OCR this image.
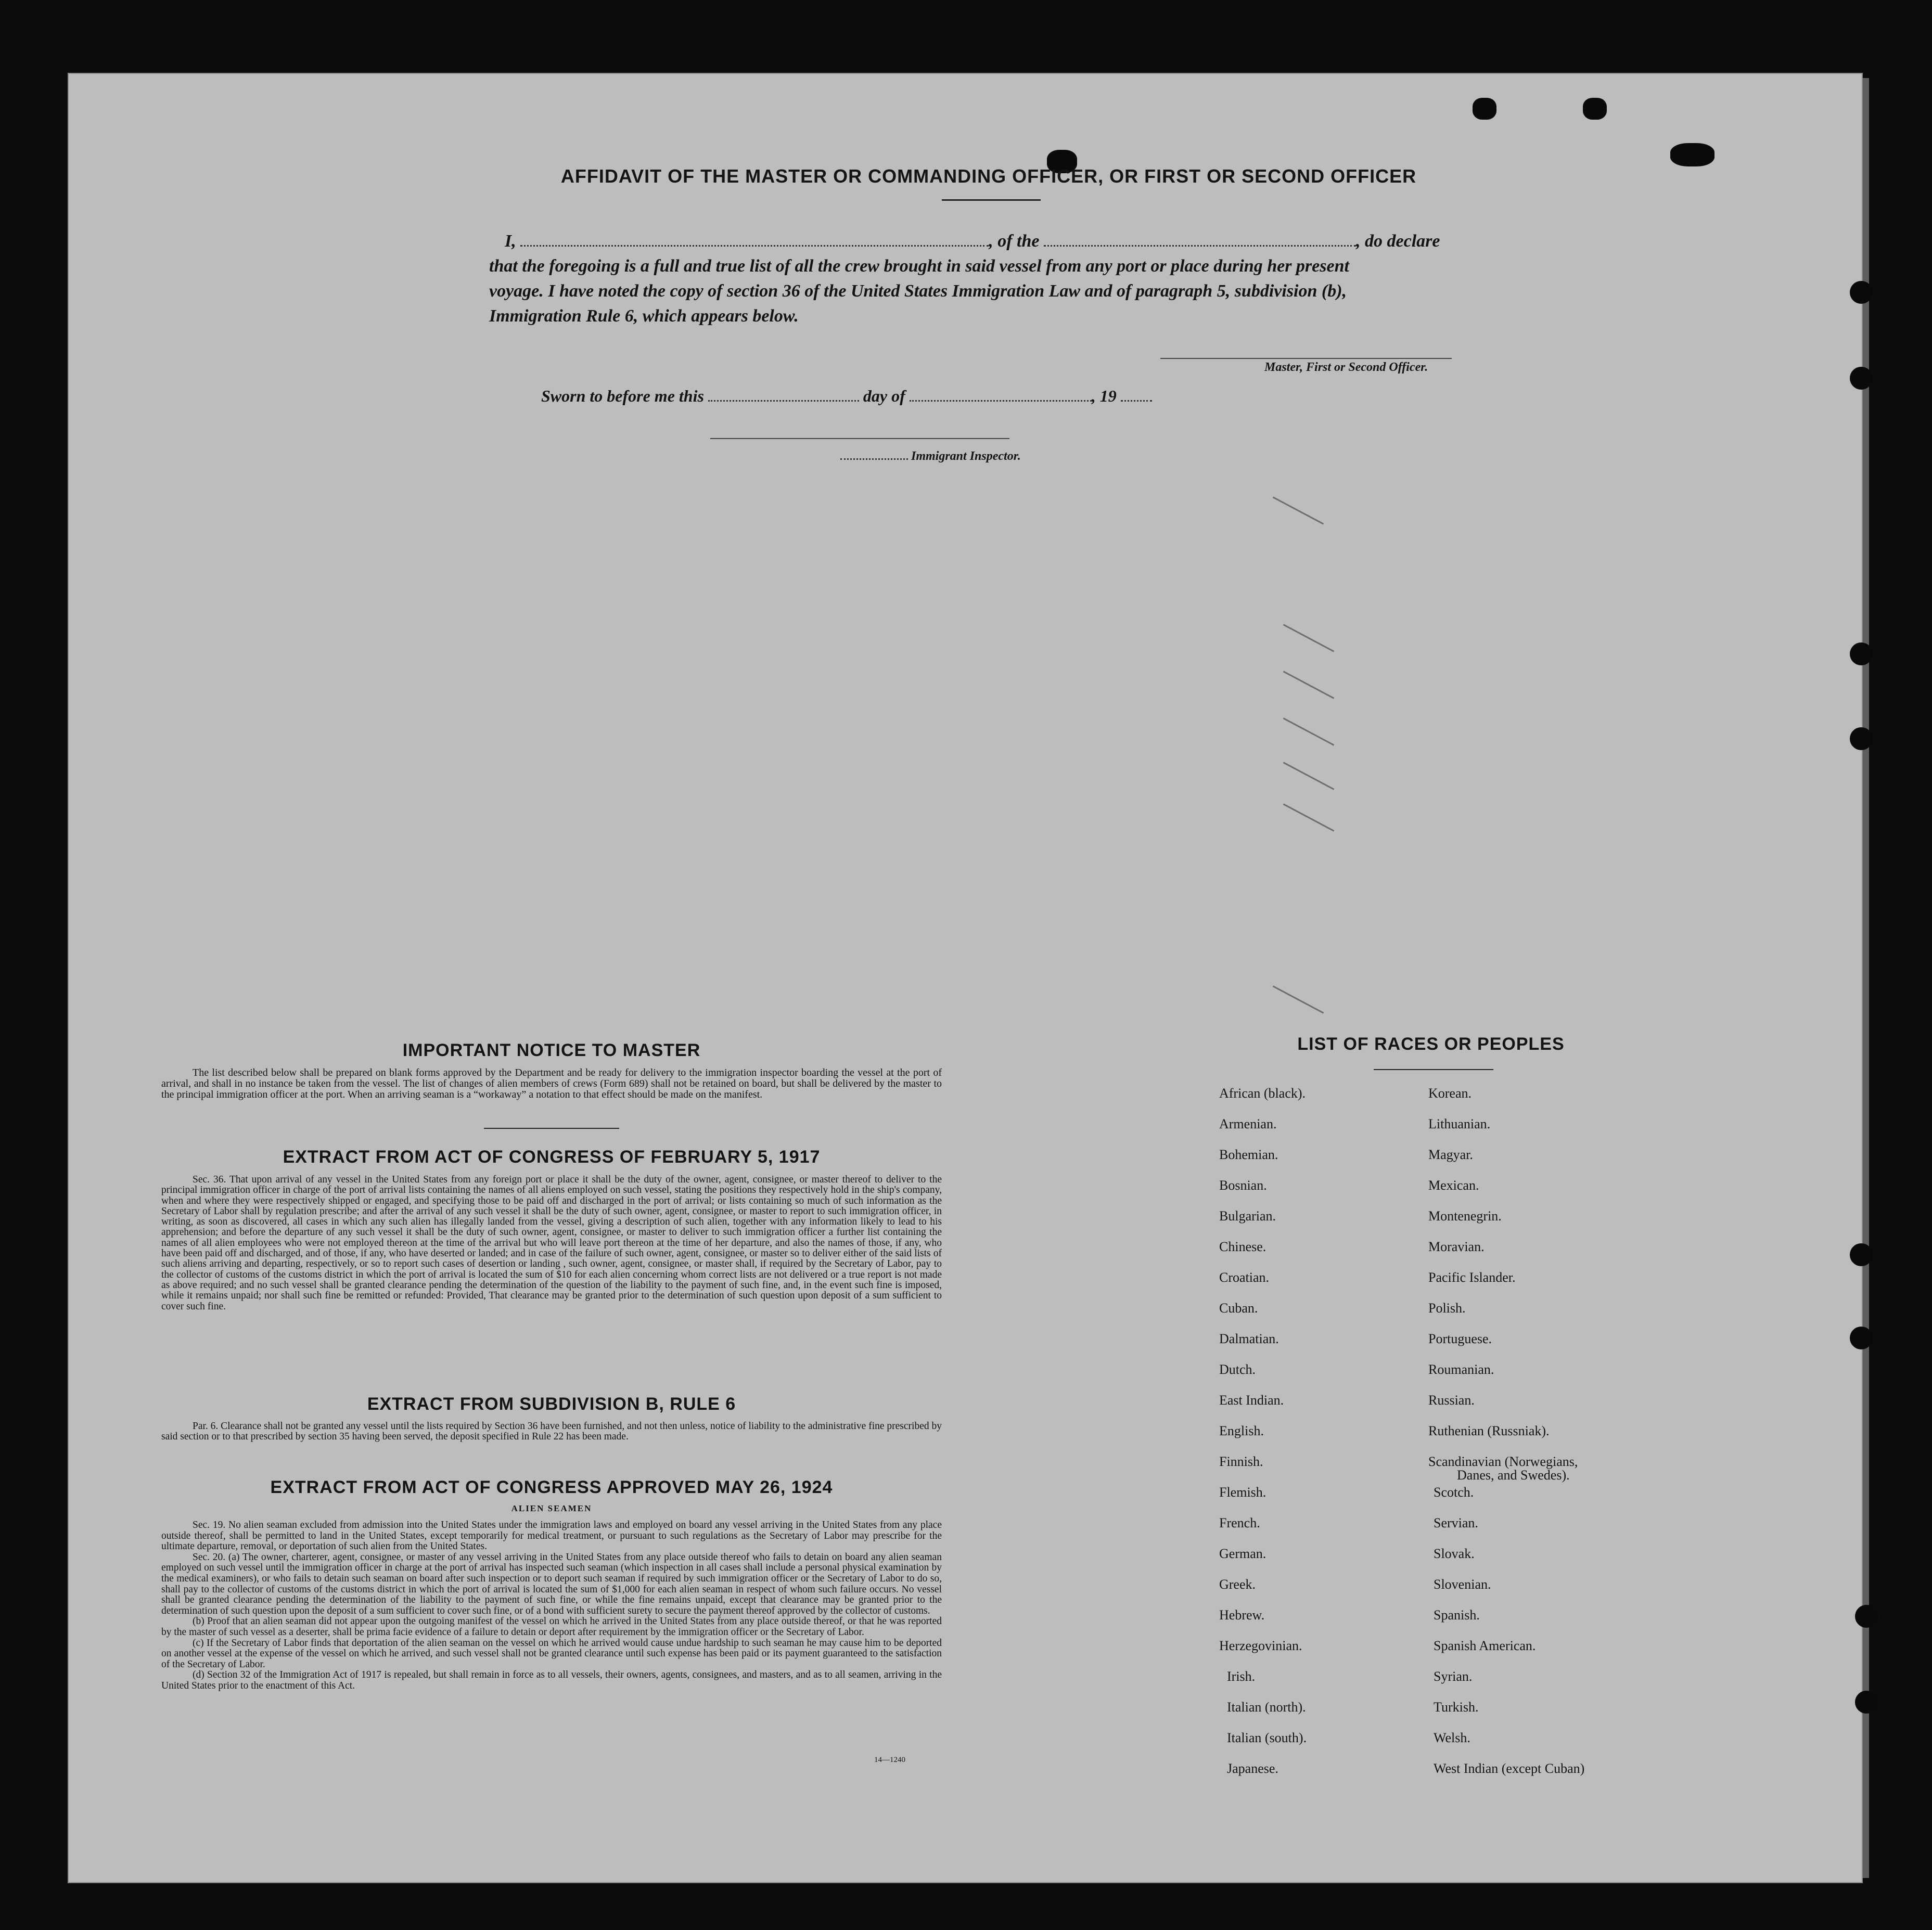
AFFIDAVIT OF THE MASTER OR COMMANDING OFFICER, OR FIRST OR SECOND OFFICER
I,	, of the	, do declare
that the foregoing is a full and true list of all the crew brought in said vessel from any port or place during her present
voyage. I have noted the copy of section 36 of the United States Immigration Law and of paragraph 5, subdivision (b),
Immigration Rule 6, which appears below.
Master, First or Second Officer.
Sworn to before me this	day of	, 19
Immigrant Inspector.
IMPORTANT NOTICE TO MASTER
The list described below shall be prepared on blank forms approved by the Department and be ready for delivery to the immigration inspector boarding the vessel at the port of arrival, and shall in no instance be taken from the vessel. The list of changes of alien members of crews (Form 689) shall not be retained on board, but shall be delivered by the master to the principal immigration officer at the port. When an arriving seaman is a “workaway” a notation to that effect should be made on the manifest.
EXTRACT FROM ACT OF CONGRESS OF FEBRUARY 5, 1917
Sec. 36. That upon arrival of any vessel in the United States from any foreign port or place it shall be the duty of the owner, agent, consignee, or master thereof to deliver to the principal immigration officer in charge of the port of arrival lists containing the names of all aliens employed on such vessel, stating the positions they respectively hold in the ship's company, when and where they were respectively shipped or engaged, and specifying those to be paid off and discharged in the port of arrival; or lists containing so much of such information as the Secretary of Labor shall by regulation prescribe; and after the arrival of any such vessel it shall be the duty of such owner, agent, consignee, or master to report to such immigration officer, in writing, as soon as discovered, all cases in which any such alien has illegally landed from the vessel, giving a description of such alien, together with any information likely to lead to his apprehension; and before the departure of any such vessel it shall be the duty of such owner, agent, consignee, or master to deliver to such immigration officer a further list containing the names of all alien employees who were not employed thereon at the time of the arrival but who will leave port thereon at the time of her departure, and also the names of those, if any, who have been paid off and discharged, and of those, if any, who have deserted or landed; and in case of the failure of such owner, agent, consignee, or master so to deliver either of the said lists of such aliens arriving and departing, respectively, or so to report such cases of desertion or landing , such owner, agent, consignee, or master shall, if required by the Secretary of Labor, pay to the collector of customs of the customs district in which the port of arrival is located the sum of $10 for each alien concerning whom correct lists are not delivered or a true report is not made as above required; and no such vessel shall be granted clearance pending the determination of the question of the liability to the payment of such fine, and, in the event such fine is imposed, while it remains unpaid; nor shall such fine be remitted or refunded: Provided, That clearance may be granted prior to the determination of such question upon deposit of a sum sufficient to cover such fine.
EXTRACT FROM SUBDIVISION B, RULE 6
Par. 6. Clearance shall not be granted any vessel until the lists required by Section 36 have been furnished, and not then unless, notice of liability to the administrative fine prescribed by said section or to that prescribed by section 35 having been served, the deposit specified in Rule 22 has been made.
EXTRACT FROM ACT OF CONGRESS APPROVED MAY 26, 1924
ALIEN SEAMEN

Sec. 19. No alien seaman excluded from admission into the United States under the immigration laws and employed on board any vessel arriving in the United States from any place outside thereof, shall be permitted to land in the United States, except temporarily for medical treatment, or pursuant to such regulations as the Secretary of Labor may prescribe for the ultimate departure, removal, or deportation of such alien from the United States.

Sec. 20. (a) The owner, charterer, agent, consignee, or master of any vessel arriving in the United States from any place outside thereof who fails to detain on board any alien seaman employed on such vessel until the immigration officer in charge at the port of arrival has inspected such seaman (which inspection in all cases shall include a personal physical examination by the medical examiners), or who fails to detain such seaman on board after such inspection or to deport such seaman if required by such immigration officer or the Secretary of Labor to do so, shall pay to the collector of customs of the customs district in which the port of arrival is located the sum of $1,000 for each alien seaman in respect of whom such failure occurs. No vessel shall be granted clearance pending the determination of the liability to the payment of such fine, or while the fine remains unpaid, except that clearance may be granted prior to the determination of such question upon the deposit of a sum sufficient to cover such fine, or of a bond with sufficient surety to secure the payment thereof approved by the collector of customs.

(b) Proof that an alien seaman did not appear upon the outgoing manifest of the vessel on which he arrived in the United States from any place outside thereof, or that he was reported by the master of such vessel as a deserter, shall be prima facie evidence of a failure to detain or deport after requirement by the immigration officer or the Secretary of Labor.

(c) If the Secretary of Labor finds that deportation of the alien seaman on the vessel on which he arrived would cause undue hardship to such seaman he may cause him to be deported on another vessel at the expense of the vessel on which he arrived, and such vessel shall not be granted clearance until such expense has been paid or its payment guaranteed to the satisfaction of the Secretary of Labor.

(d) Section 32 of the Immigration Act of 1917 is repealed, but shall remain in force as to all vessels, their owners, agents, consignees, and masters, and as to all seamen, arriving in the United States prior to the enactment of this Act.

14—1240
LIST OF RACES OR PEOPLES
African (black).
Armenian.
Bohemian.
Bosnian.
Bulgarian.
Chinese.
Croatian.
Cuban.
Dalmatian.
Dutch.
East Indian.
English.
Finnish.
Flemish.
French.
German.
Greek.
Hebrew.
Herzegovinian.
Irish.
Italian (north).
Italian (south).
Japanese.
Korean.
Lithuanian.
Magyar.
Mexican.
Montenegrin.
Moravian.
Pacific Islander.
Polish.
Portuguese.
Roumanian.
Russian.
Ruthenian (Russniak).
Scandinavian (Norwegians,
Danes, and Swedes).
Scotch.
Servian.
Slovak.
Slovenian.
Spanish.
Spanish American.
Syrian.
Turkish.
Welsh.
West Indian (except Cuban)
